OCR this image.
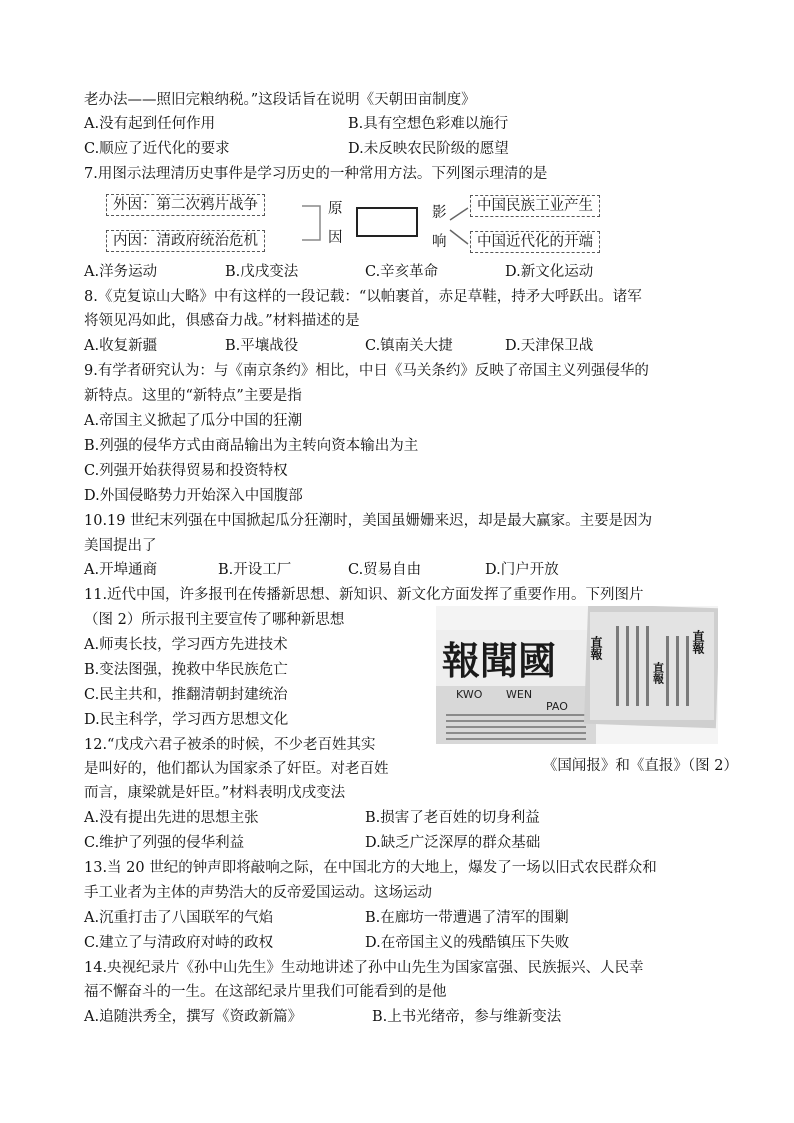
老办法——照旧完粮纳税。”这段话旨在说明《天朝田亩制度》
A.没有起到任何作用	B.具有空想色彩难以施行
C.顺应了近代化的要求	D.未反映农民阶级的愿望
7.用图示法理清历史事件是学习历史的一种常用方法。下列图示理清的是
外因：第二次鸦片战争
内因：清政府统治危机
原
因
影
响
中国民族工业产生
中国近代化的开端
A.洋务运动	B.戊戌变法	C.辛亥革命	D.新文化运动
8.《克复谅山大略》中有这样的一段记载：“以帕裹首，赤足草鞋，持矛大呼跃出。诸军
将领见冯如此，俱感奋力战。”材料描述的是
A.收复新疆	B.平壤战役	C.镇南关大捷	D.天津保卫战
9.有学者研究认为：与《南京条约》相比，中日《马关条约》反映了帝国主义列强侵华的
新特点。这里的“新特点”主要是指
A.帝国主义掀起了瓜分中国的狂潮
B.列强的侵华方式由商品输出为主转向资本输出为主
C.列强开始获得贸易和投资特权
D.外国侵略势力开始深入中国腹部
10.19 世纪末列强在中国掀起瓜分狂潮时，美国虽姗姗来迟，却是最大赢家。主要是因为
美国提出了
A.开埠通商	B.开设工厂	C.贸易自由	D.门户开放
11.近代中国，许多报刊在传播新思想、新知识、新文化方面发挥了重要作用。下列图片
（图 2）所示报刊主要宣传了哪种新思想
A.师夷长技，学习西方先进技术
B.变法图强，挽救中华民族危亡
C.民主共和，推翻清朝封建统治
D.民主科学，学习西方思想文化
報聞國
KWO WEN
PAO
直報	直報
直報
《国闻报》和《直报》（图 2）
12.“戊戌六君子被杀的时候，不少老百姓其实
是叫好的，他们都认为国家杀了奸臣。对老百姓
而言，康梁就是奸臣。”材料表明戊戌变法
A.没有提出先进的思想主张	B.损害了老百姓的切身利益
C.维护了列强的侵华利益	D.缺乏广泛深厚的群众基础
13.当 20 世纪的钟声即将敲响之际，在中国北方的大地上，爆发了一场以旧式农民群众和
手工业者为主体的声势浩大的反帝爱国运动。这场运动
A.沉重打击了八国联军的气焰	B.在廊坊一带遭遇了清军的围剿
C.建立了与清政府对峙的政权	D.在帝国主义的残酷镇压下失败
14.央视纪录片《孙中山先生》生动地讲述了孙中山先生为国家富强、民族振兴、人民幸
福不懈奋斗的一生。在这部纪录片里我们可能看到的是他
A.追随洪秀全，撰写《资政新篇》	B.上书光绪帝，参与维新变法
